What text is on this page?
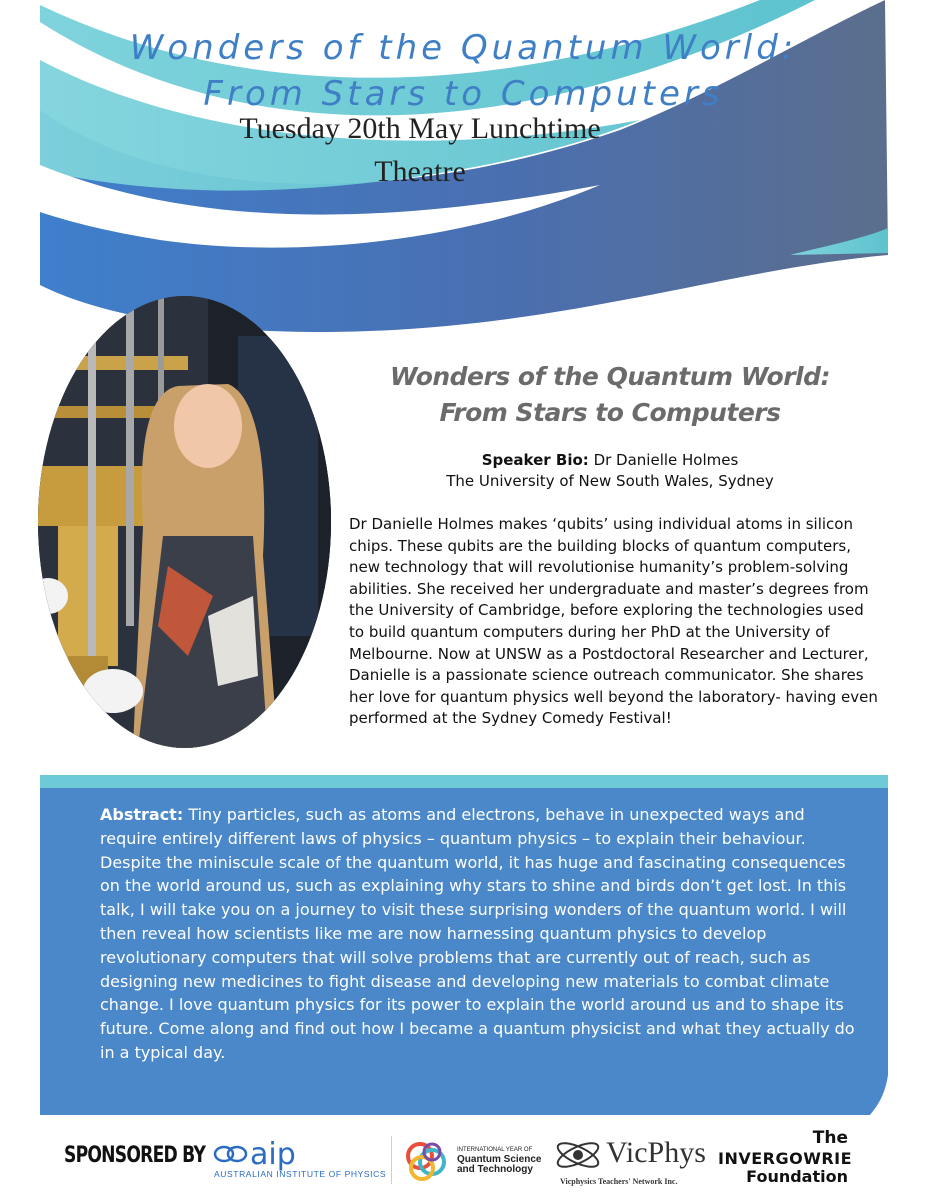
Wonders of the Quantum World:
From Stars to Computers
Tuesday 20th May Lunchtime
Theatre
Wonders of the Quantum World:
From Stars to Computers
Speaker Bio: Dr Danielle Holmes
The University of New South Wales, Sydney
Dr Danielle Holmes makes ‘qubits’ using individual atoms in silicon chips. These qubits are the building blocks of quantum computers, new technology that will revolutionise humanity’s problem-solving abilities. She received her undergraduate and master’s degrees from the University of Cambridge, before exploring the technologies used to build quantum computers during her PhD at the University of Melbourne. Now at UNSW as a Postdoctoral Researcher and Lecturer, Danielle is a passionate science outreach communicator. She shares her love for quantum physics well beyond the laboratory- having even performed at the Sydney Comedy Festival!
Abstract: Tiny particles, such as atoms and electrons, behave in unexpected ways and require entirely different laws of physics – quantum physics – to explain their behaviour. Despite the miniscule scale of the quantum world, it has huge and fascinating consequences on the world around us, such as explaining why stars to shine and birds don’t get lost. In this talk, I will take you on a journey to visit these surprising wonders of the quantum world. I will then reveal how scientists like me are now harnessing quantum physics to develop revolutionary computers that will solve problems that are currently out of reach, such as designing new medicines to fight disease and developing new materials to combat climate change. I love quantum physics for its power to explain the world around us and to shape its future. Come along and find out how I became a quantum physicist and what they actually do in a typical day.
SPONSORED BY aip
AUSTRALIAN INSTITUTE OF PHYSICS
INTERNATIONAL YEAR OF
Quantum Science
and Technology
VicPhys
Vicphysics Teachers' Network Inc.
The
INVERGOWRIE
Foundation
